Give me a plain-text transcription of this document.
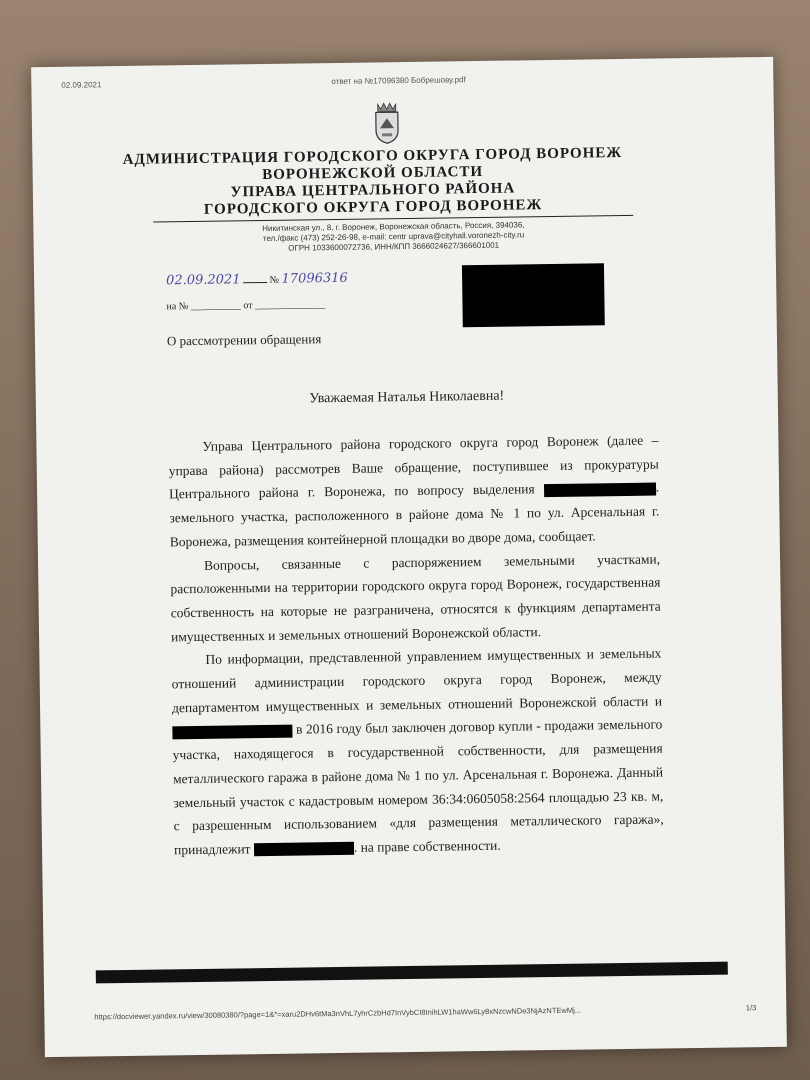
02.09.2021	ответ на №17096380 Бобрешову.pdf
АДМИНИСТРАЦИЯ ГОРОДСКОГО ОКРУГА ГОРОД ВОРОНЕЖ
ВОРОНЕЖСКОЙ ОБЛАСТИ
УПРАВА ЦЕНТРАЛЬНОГО РАЙОНА
ГОРОДСКОГО ОКРУГА ГОРОД ВОРОНЕЖ
Никитинская ул., 8, г. Воронеж, Воронежская область, Россия, 394036,
тел./факс (473) 252-26-98, e-mail: centr upravа@cityhall.voronezh-city.ru
ОГРН 1033600072736, ИНН/КПП 3666024627/366601001
02.09.2021	№ 17096316
на № __________ от ______________
О рассмотрении обращения
Уважаемая Наталья Николаевна!

Управа Центрального района городского округа город Воронеж (далее – управа района) рассмотрев Ваше обращение, поступившее из прокуратуры Центрального района г. Воронежа, по вопросу выделения	. земельного участка, расположенного в районе дома № 1 по ул. Арсенальная г. Воронежа, размещения контейнерной площадки во дворе дома, сообщает.

Вопросы, связанные с распоряжением земельными участками, расположенными на территории городского округа город Воронеж, государственная собственность на которые не разграничена, относятся к функциям департамента имущественных и земельных отношений Воронежской области.

По информации, представленной управлением имущественных и земельных отношений администрации городского округа город Воронеж, между департаментом имущественных и земельных отношений Воронежской области и  в 2016 году был заключен договор купли - продажи земельного участка, находящегося в государственной собственности, для размещения металлического гаража в районе дома № 1 по ул. Арсенальная г. Воронежа. Данный земельный участок с кадастровым номером 36:34:0605058:2564 площадью 23 кв. м, с разрешенным использованием «для размещения металлического гаража», принадлежит	. на праве собственности.

https://docviewer.yandex.ru/view/30080380/?page=1&*=xaru2DHv6tMa3nVhL7yhrCzbHd7InVybCI8InihLW1haWw6Ly8xNzcwNDe3NjAzNTEwMj...	1/3
